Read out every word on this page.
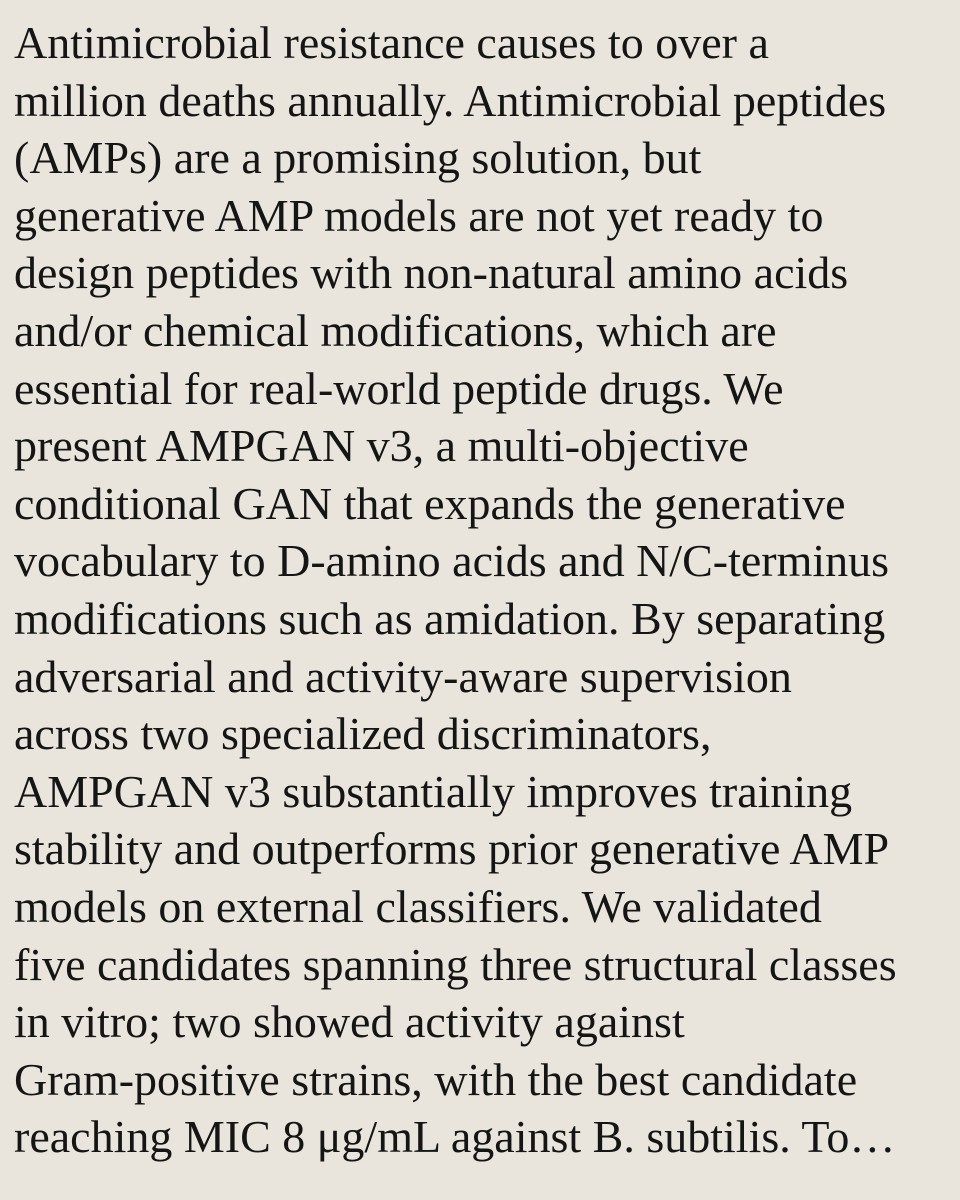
Antimicrobial resistance causes to over a
million deaths annually. Antimicrobial peptides
(AMPs) are a promising solution, but
generative AMP models are not yet ready to
design peptides with non-natural amino acids
and/or chemical modifications, which are
essential for real-world peptide drugs. We
present AMPGAN v3, a multi-objective
conditional GAN that expands the generative
vocabulary to D-amino acids and N/C-terminus
modifications such as amidation. By separating
adversarial and activity-aware supervision
across two specialized discriminators,
AMPGAN v3 substantially improves training
stability and outperforms prior generative AMP
models on external classifiers. We validated
five candidates spanning three structural classes
in vitro; two showed activity against
Gram-positive strains, with the best candidate
reaching MIC 8 μg/mL against B. subtilis. To…
